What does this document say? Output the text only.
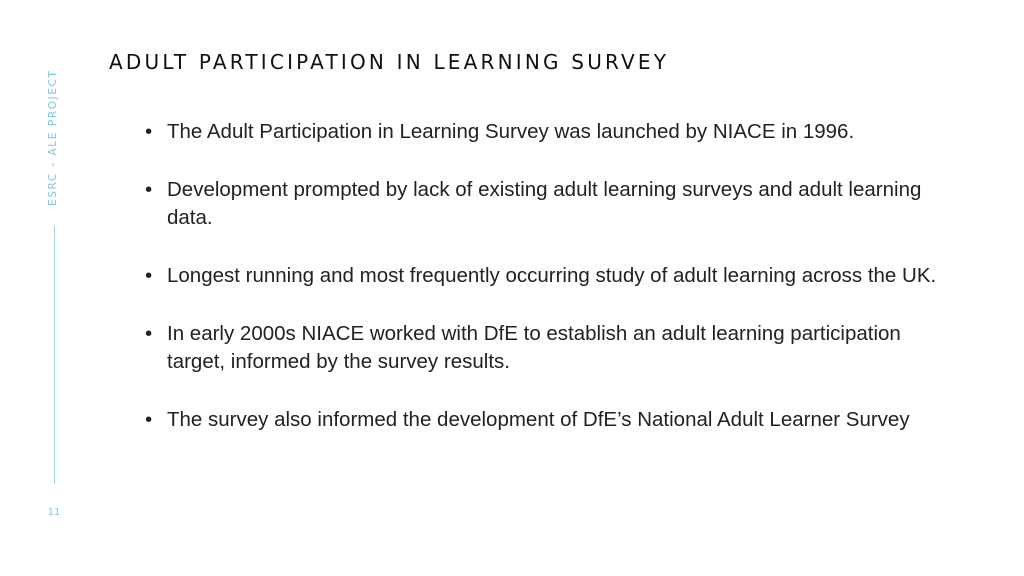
ESRC – ALE PROJECT
11
ADULT PARTICIPATION IN LEARNING SURVEY
• The Adult Participation in Learning Survey was launched by NIACE in 1996.
• Development prompted by lack of existing adult learning surveys and adult learning data.
• Longest running and most frequently occurring study of adult learning across the UK.
• In early 2000s NIACE worked with DfE to establish an adult learning participation target, informed by the survey results.
• The survey also informed the development of DfE’s National Adult Learner Survey
